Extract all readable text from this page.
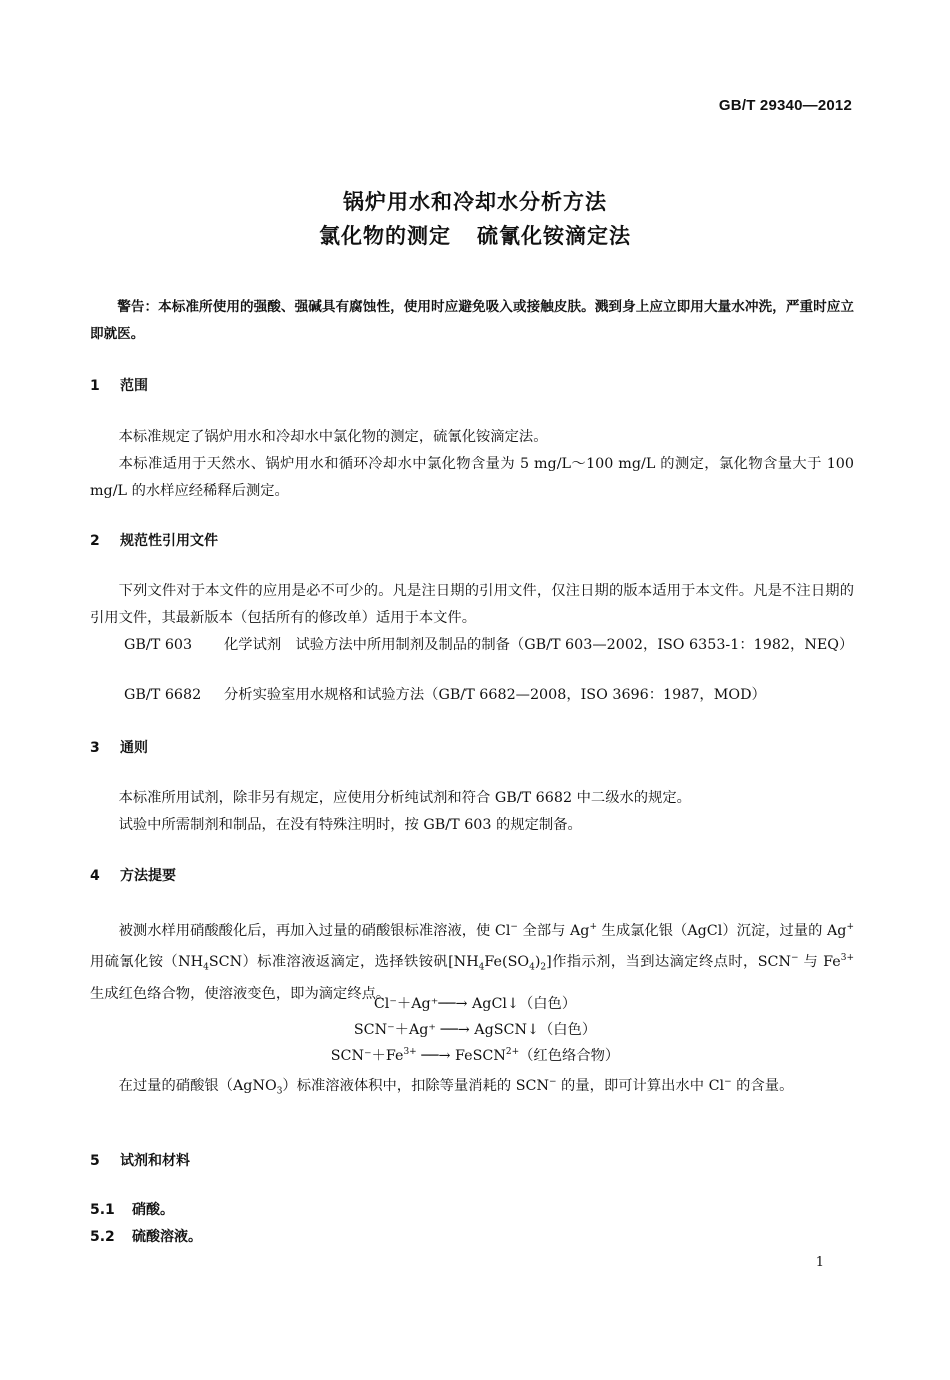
GB/T 29340—2012
锅炉用水和冷却水分析方法
氯化物的测定 硫氰化铵滴定法

警告：本标准所使用的强酸、强碱具有腐蚀性，使用时应避免吸入或接触皮肤。溅到身上应立即用大量水冲洗，严重时应立即就医。

1 范围

本标准规定了锅炉用水和冷却水中氯化物的测定，硫氰化铵滴定法。

本标准适用于天然水、锅炉用水和循环冷却水中氯化物含量为 5 mg/L～100 mg/L 的测定，氯化物含量大于 100 mg/L 的水样应经稀释后测定。

2 规范性引用文件

下列文件对于本文件的应用是必不可少的。凡是注日期的引用文件，仅注日期的版本适用于本文件。凡是不注日期的引用文件，其最新版本（包括所有的修改单）适用于本文件。

GB/T 603 化学试剂　试验方法中所用制剂及制品的制备（GB/T 603—2002，ISO 6353-1：1982，NEQ）

GB/T 6682 分析实验室用水规格和试验方法（GB/T 6682—2008，ISO 3696：1987，MOD）

3 通则

本标准所用试剂，除非另有规定，应使用分析纯试剂和符合 GB/T 6682 中二级水的规定。

试验中所需制剂和制品，在没有特殊注明时，按 GB/T 603 的规定制备。

4 方法提要

被测水样用硝酸酸化后，再加入过量的硝酸银标准溶液，使 Cl− 全部与 Ag+ 生成氯化银（AgCl）沉淀，过量的 Ag+ 用硫氰化铵$(NH_4SCN)$标准溶液返滴定，选择铁铵矾$[NH_4Fe(SO_4)_2]$作指示剂，当到达滴定终点时，SCN− 与 $Fe^{3+}$ 生成红色络合物，使溶液变色，即为滴定终点。

Cl⁻＋Ag⁺──→ AgCl↓（白色）
SCN⁻＋Ag⁺ ──→ AgSCN↓（白色）
$SCN^-+Fe^{3+}$ ──→ FeSCN$^{2+}$（红色络合物）

在过量的硝酸银（AgNO$_3$）标准溶液体积中，扣除等量消耗的 SCN− 的量，即可计算出水中 Cl− 的含量。

5 试剂和材料
5.1 硝酸。
5.2 硫酸溶液。
1
